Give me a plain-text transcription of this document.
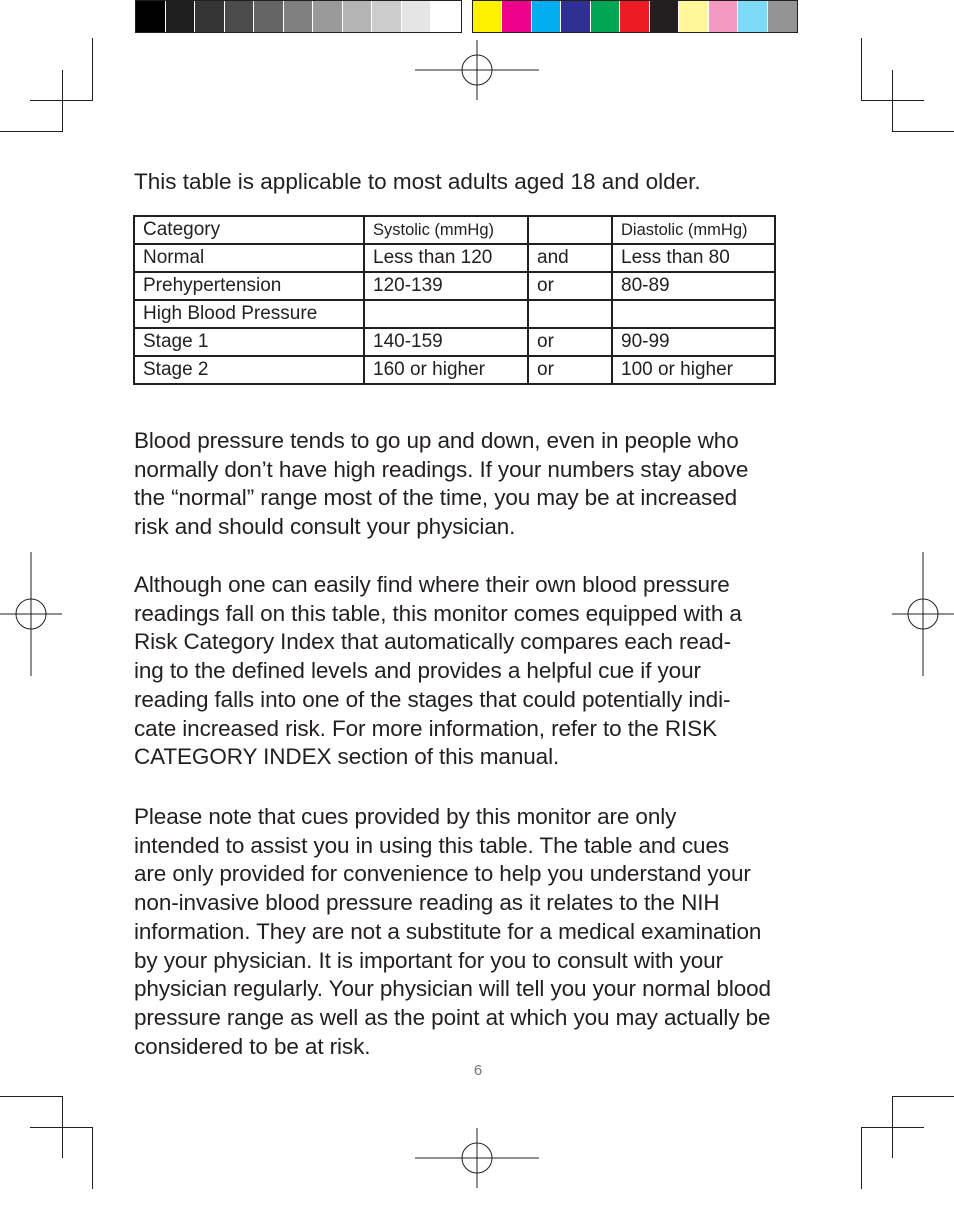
This table is applicable to most adults aged 18 and older.

Category	Systolic (mmHg)		Diastolic (mmHg)
Normal	Less than 120	and	Less than 80
Prehypertension	120-139	or	80-89
High Blood Pressure			
Stage 1	140-159	or	90-99
Stage 2	160 or higher	or	100 or higher

Blood pressure tends to go up and down, even in people who
normally don’t have high readings. If your numbers stay above
the “normal” range most of the time, you may be at increased
risk and should consult your physician.

Although one can easily find where their own blood pressure
readings fall on this table, this monitor comes equipped with a
Risk Category Index that automatically compares each read-
ing to the defined levels and provides a helpful cue if your
reading falls into one of the stages that could potentially indi-
cate increased risk. For more information, refer to the RISK
CATEGORY INDEX section of this manual.

Please note that cues provided by this monitor are only
intended to assist you in using this table. The table and cues
are only provided for convenience to help you understand your
non-invasive blood pressure reading as it relates to the NIH
information. They are not a substitute for a medical examination
by your physician. It is important for you to consult with your
physician regularly. Your physician will tell you your normal blood
pressure range as well as the point at which you may actually be
considered to be at risk.

6
